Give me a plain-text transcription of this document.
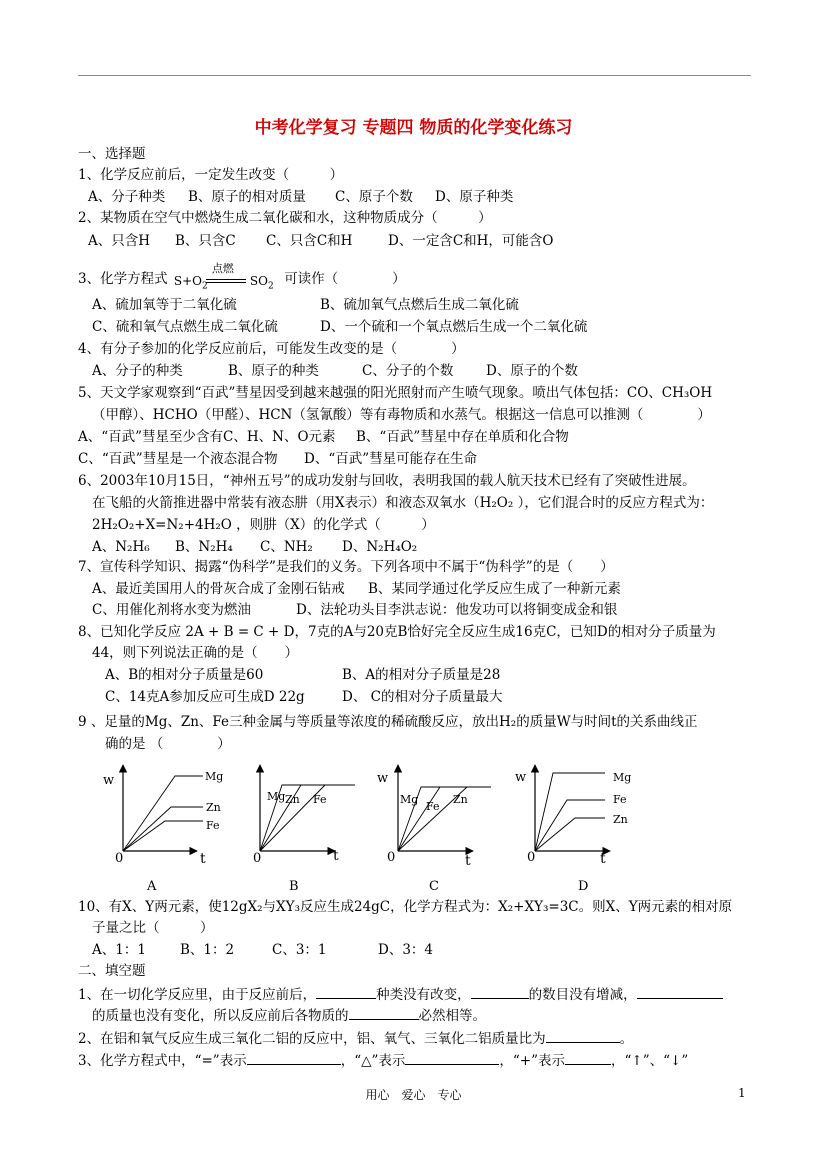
中考化学复习 专题四 物质的化学变化练习
一、选择题
1、化学反应前后，一定发生改变（　　　）
A、分子种类 B、原子的相对质量 C、原子个数 D、原子种类
2、某物质在空气中燃烧生成二氧化碳和水，这种物质成分（　　　）
A、只含H B、只含C C、只含C和H	D、一定含C和H，可能含O
3、化学方程式 $S+O_2$
点燃
$SO_2$ 可读作（　　　　）
A、硫加氧等于二氧化硫	B、硫加氧气点燃后生成二氧化硫
C、硫和氧气点燃生成二氧化硫	D、一个硫和一个氧点燃后生成一个二氧化硫
4、有分子参加的化学反应前后，可能发生改变的是（　　　　）
A、分子的种类	B、原子的种类	C、分子的个数 D、原子的个数
5、天文学家观察到“百武”彗星因受到越来越强的阳光照射而产生喷气现象。喷出气体包括：CO、CH₃OH
（甲醇）、HCHO（甲醛）、HCN（氢氰酸）等有毒物质和水蒸气。根据这一信息可以推测（　　　　）
A、“百武”彗星至少含有C、H、N、O元素 B、“百武”彗星中存在单质和化合物
C、“百武”彗星是一个液态混合物 D、“百武”彗星可能存在生命
6、2003年10月15日，“神州五号”的成功发射与回收，表明我国的载人航天技术已经有了突破性进展。
在飞船的火箭推进器中常装有液态肼（用X表示）和液态双氧水（H₂O₂ ），它们混合时的反应方程式为：
2H₂O₂+X=N₂+4H₂O ，则肼（X）的化学式（　　　）
A、N₂H₆ B、N₂H₄ C、NH₂ D、N₂H₄O₂
7、宣传科学知识、揭露“伪科学”是我们的义务。下列各项中不属于“伪科学”的是（　　）
A、最近美国用人的骨灰合成了金刚石钻戒 B、某同学通过化学反应生成了一种新元素
C、用催化剂将水变为燃油	D、法轮功头目李洪志说：他发功可以将铜变成金和银
8、已知化学反应 2A + B = C + D，7克的A与20克B恰好完全反应生成16克C，已知D的相对分子质量为
44，则下列说法正确的是（　　）
A、B的相对分子质量是60	B、A的相对分子质量是28
C、14克A参加反应可生成D 22g	D、 C的相对分子质量最大
9 、足量的Mg、Zn、Fe三种金属与等质量等浓度的稀硫酸反应，放出H₂的质量W与时间t的关系曲线正
确的是 （　　　　）
w
0	t
Mg
Zn
Fe
Mg Zn Fe
0	t
w
Mg
Fe
Zn
0	t
w	Mg
Fe
Zn
0	t
A	B	C	D
10、有X、Y两元素，使12gX₂与XY₃反应生成24gC，化学方程式为：X₂+XY₃=3C。则X、Y两元素的相对原
子量之比（　　　）
A、1：1	B、1：2	C、3：1	D、3：4
二、填空题
1、在一切化学反应里，由于反应前后，	种类没有改变，	的数目没有增减，
的质量也没有变化，所以反应前后各物质的	必然相等。
2、在铝和氧气反应生成三氧化二铝的反应中，铝、氧气、三氧化二铝质量比为	。
3、化学方程式中，“=”表示	，“△”表示	，“+”表示	，“↑”、“↓”
用心　爱心　专心	1
